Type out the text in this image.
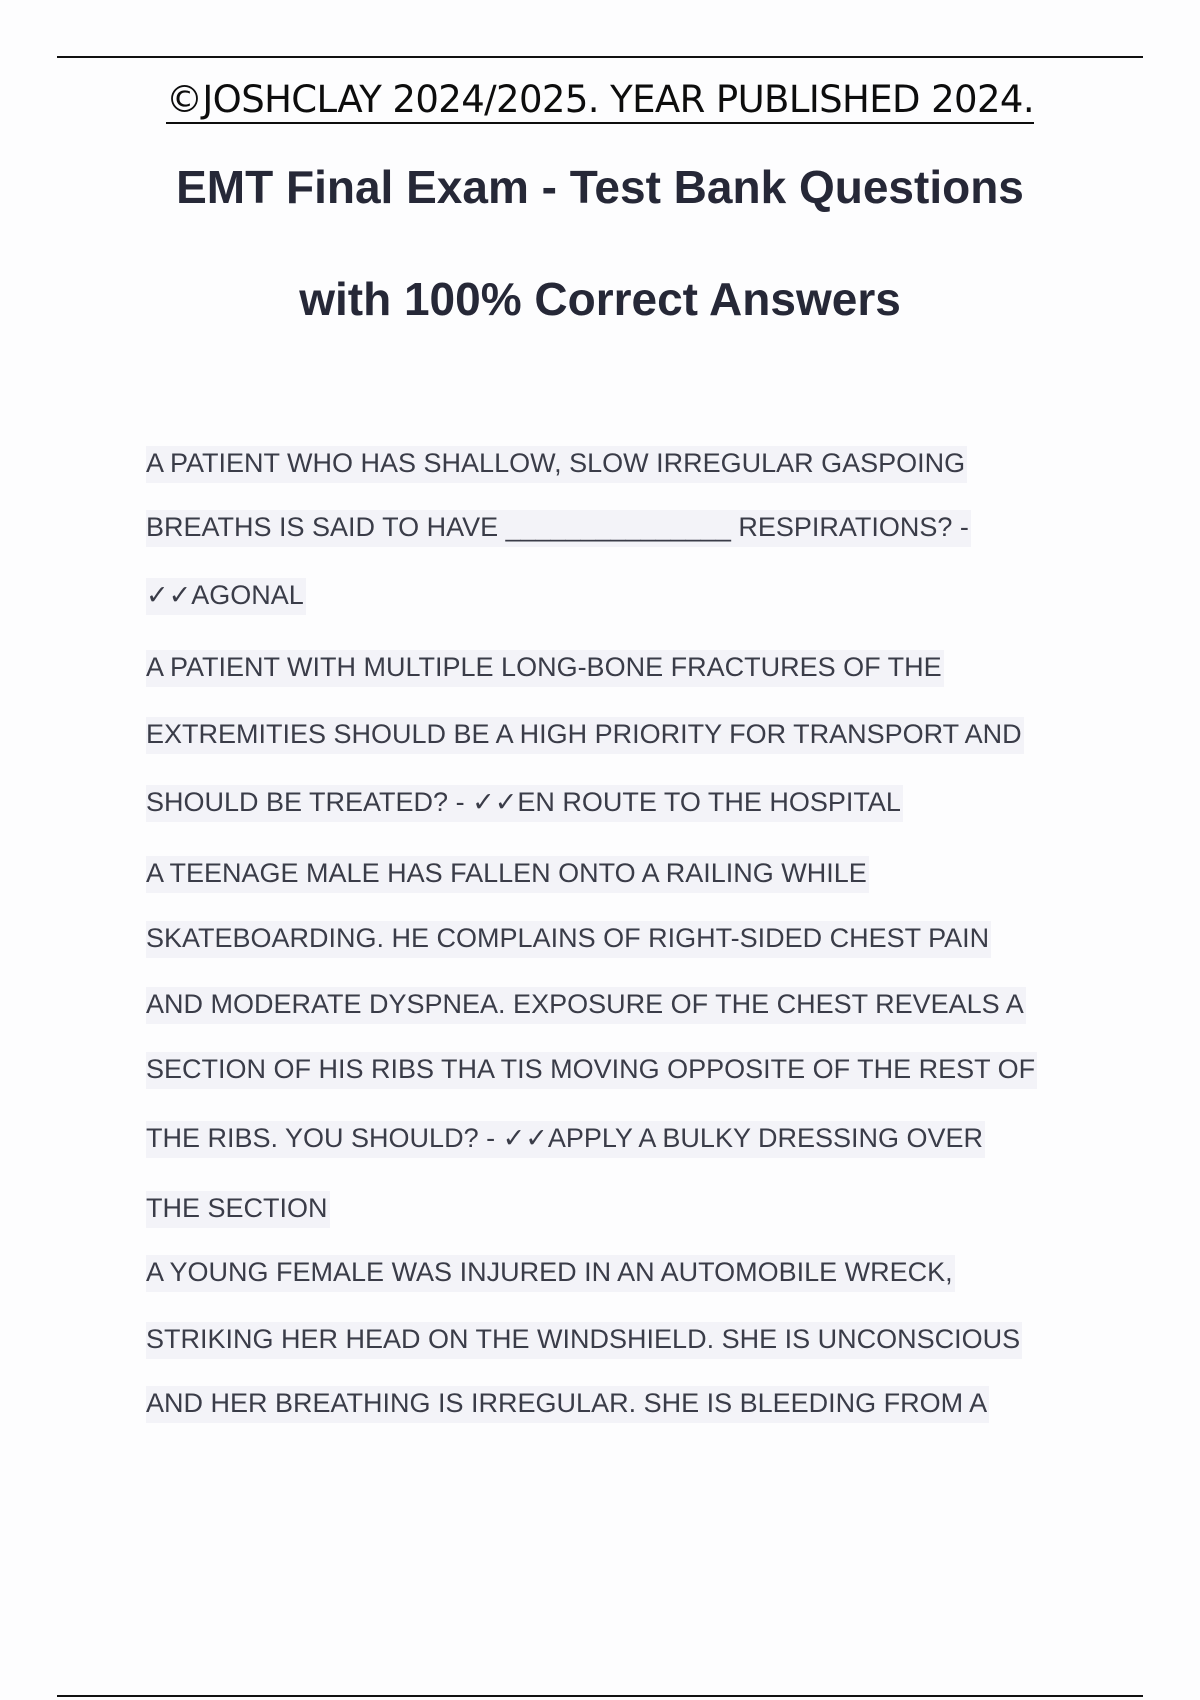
©JOSHCLAY 2024/2025. YEAR PUBLISHED 2024.
EMT Final Exam - Test Bank Questions
with 100% Correct Answers
A PATIENT WHO HAS SHALLOW, SLOW IRREGULAR GASPOING
BREATHS IS SAID TO HAVE _______________ RESPIRATIONS? -
✓✓AGONAL
A PATIENT WITH MULTIPLE LONG-BONE FRACTURES OF THE
EXTREMITIES SHOULD BE A HIGH PRIORITY FOR TRANSPORT AND
SHOULD BE TREATED? - ✓✓EN ROUTE TO THE HOSPITAL
A TEENAGE MALE HAS FALLEN ONTO A RAILING WHILE
SKATEBOARDING. HE COMPLAINS OF RIGHT-SIDED CHEST PAIN
AND MODERATE DYSPNEA. EXPOSURE OF THE CHEST REVEALS A
SECTION OF HIS RIBS THA TIS MOVING OPPOSITE OF THE REST OF
THE RIBS. YOU SHOULD? - ✓✓APPLY A BULKY DRESSING OVER
THE SECTION
A YOUNG FEMALE WAS INJURED IN AN AUTOMOBILE WRECK,
STRIKING HER HEAD ON THE WINDSHIELD. SHE IS UNCONSCIOUS
AND HER BREATHING IS IRREGULAR. SHE IS BLEEDING FROM A
